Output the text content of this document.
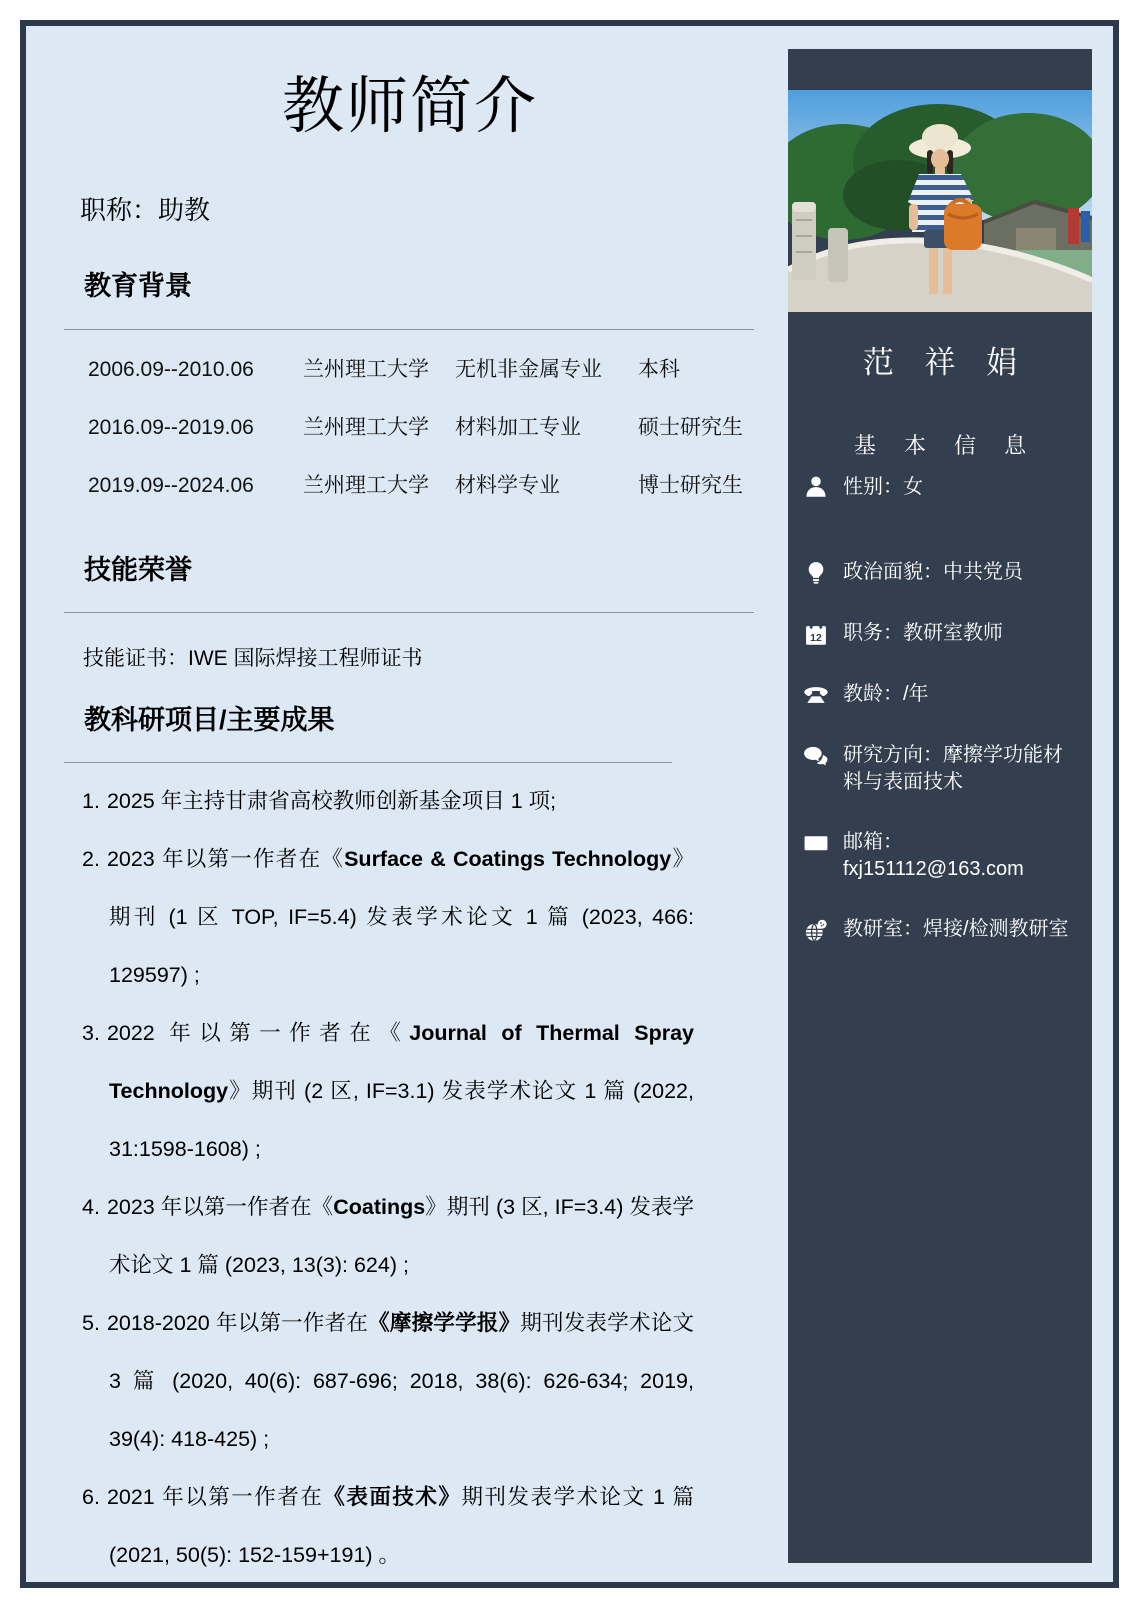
教师简介
职称：助教
教育背景
2006.09--2010.06	兰州理工大学	无机非金属专业	本科
2016.09--2019.06	兰州理工大学	材料加工专业	硕士研究生
2019.09--2024.06	兰州理工大学	材料学专业	博士研究生
技能荣誉
技能证书：IWE 国际焊接工程师证书
教科研项目/主要成果

1. 2025 年主持甘肃省高校教师创新基金项目 1 项;

2. 2023 年以第一作者在《Surface & Coatings Technology》期刊 (1 区 TOP, IF=5.4) 发表学术论文 1 篇 (2023, 466: 129597) ;

3. 2022 年以第一作者在《Journal of Thermal Spray Technology》期刊 (2 区, IF=3.1) 发表学术论文 1 篇 (2022, 31:1598-1608) ;

4. 2023 年以第一作者在《Coatings》期刊 (3 区, IF=3.4) 发表学术论文 1 篇 (2023, 13(3): 624) ;

5. 2018-2020 年以第一作者在《摩擦学学报》期刊发表学术论文 3 篇 (2020, 40(6): 687-696; 2018, 38(6): 626-634; 2019, 39(4): 418-425) ;

6. 2021 年以第一作者在《表面技术》期刊发表学术论文 1 篇 (2021, 50(5): 152-159+191) 。

范 祥 娟
基 本 信 息
性别：女
政治面貌：中共党员
12 职务：教研室教师
教龄：/年
研究方向：摩擦学功能材料与表面技术
邮箱：fxj151112@163.com
教研室：焊接/检测教研室
